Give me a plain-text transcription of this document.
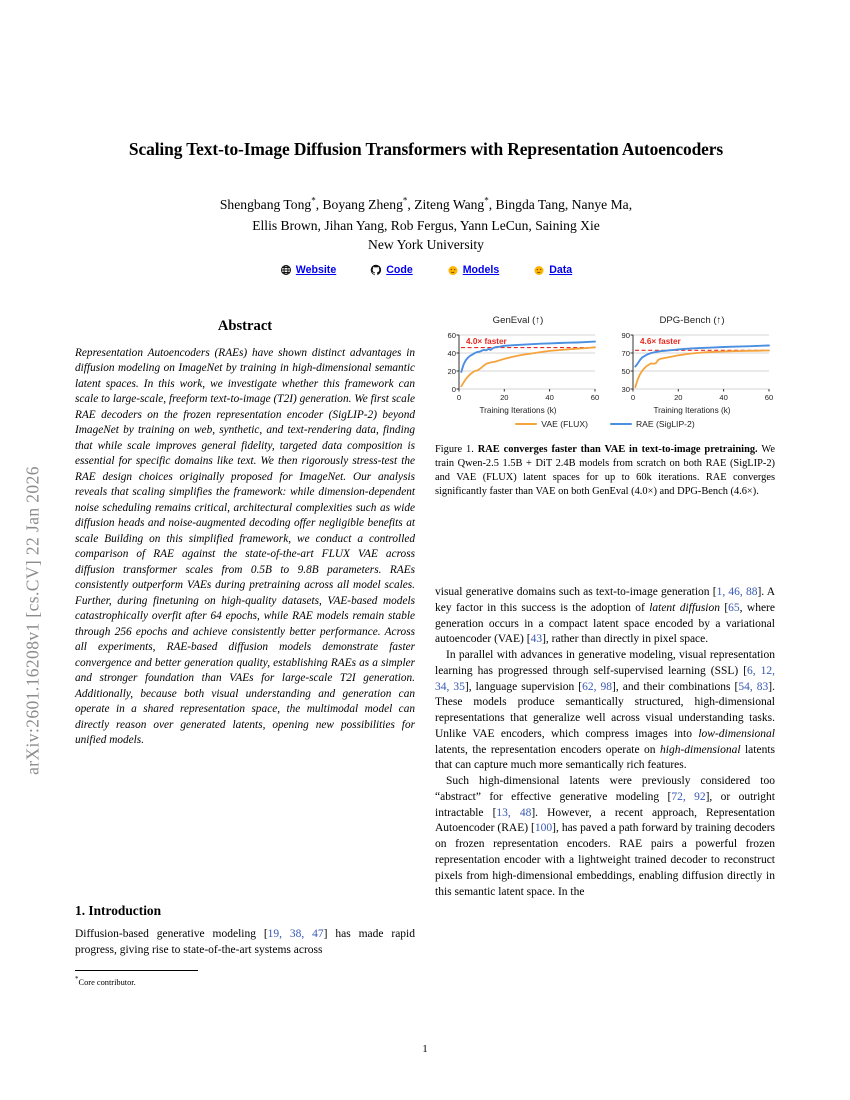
arXiv:2601.16208v1 [cs.CV] 22 Jan 2026
Scaling Text-to-Image Diffusion Transformers with Representation Autoencoders
Shengbang Tong*, Boyang Zheng*, Ziteng Wang*, Bingda Tang, Nanye Ma,
Ellis Brown, Jihan Yang, Rob Fergus, Yann LeCun, Saining Xie
New York University
Website	Code	Models	Data
Abstract
Representation Autoencoders (RAEs) have shown distinct advantages in diffusion modeling on ImageNet by training in high-dimensional semantic latent spaces. In this work, we investigate whether this framework can scale to large-scale, freeform text-to-image (T2I) generation. We first scale RAE decoders on the frozen representation encoder (SigLIP-2) beyond ImageNet by training on web, synthetic, and text-rendering data, finding that while scale improves general fidelity, targeted data composition is essential for specific domains like text. We then rigorously stress-test the RAE design choices originally proposed for ImageNet. Our analysis reveals that scaling simplifies the framework: while dimension-dependent noise scheduling remains critical, architectural complexities such as wide diffusion heads and noise-augmented decoding offer negligible benefits at scale Building on this simplified framework, we conduct a controlled comparison of RAE against the state-of-the-art FLUX VAE across diffusion transformer scales from 0.5B to 9.8B parameters. RAEs consistently outperform VAEs during pretraining across all model scales. Further, during finetuning on high-quality datasets, VAE-based models catastrophically overfit after 64 epochs, while RAE models remain stable through 256 epochs and achieve consistently better performance. Across all experiments, RAE-based diffusion models demonstrate faster convergence and better generation quality, establishing RAEs as a simpler and stronger foundation than VAEs for large-scale T2I generation. Additionally, because both visual understanding and generation can operate in a shared representation space, the multimodal model can directly reason over generated latents, opening new possibilities for unified models.
1. Introduction

Diffusion-based generative modeling [19, 38, 47] has made rapid progress, giving rise to state-of-the-art systems across

*Core contributor.
GenEval (↑)
60
40
20
0
0	20	40	60
4.0× faster
Training Iterations (k)
DPG-Bench (↑)
90
70
50
30
0	20	40	60
4.6× faster
Training Iterations (k)
VAE (FLUX)	RAE (SigLIP-2)
Figure 1. RAE converges faster than VAE in text-to-image pretraining. We train Qwen-2.5 1.5B + DiT 2.4B models from scratch on both RAE (SigLIP-2) and VAE (FLUX) latent spaces for up to 60k iterations. RAE converges significantly faster than VAE on both GenEval (4.0×) and DPG-Bench (4.6×).

visual generative domains such as text-to-image generation [1, 46, 88]. A key factor in this success is the adoption of latent diffusion [65, where generation occurs in a compact latent space encoded by a variational autoencoder (VAE) [43], rather than directly in pixel space.

In parallel with advances in generative modeling, visual representation learning has progressed through self-supervised learning (SSL) [6, 12, 34, 35], language supervision [62, 98], and their combinations [54, 83]. These models produce semantically structured, high-dimensional representations that generalize well across visual understanding tasks. Unlike VAE encoders, which compress images into low-dimensional latents, the representation encoders operate on high-dimensional latents that can capture much more semantically rich features.

Such high-dimensional latents were previously considered too “abstract” for effective generative modeling [72, 92], or outright intractable [13, 48]. However, a recent approach, Representation Autoencoder (RAE) [100], has paved a path forward by training decoders on frozen representation encoders. RAE pairs a powerful frozen representation encoder with a lightweight trained decoder to reconstruct pixels from high-dimensional embeddings, enabling diffusion directly in this semantic latent space. In the

1
